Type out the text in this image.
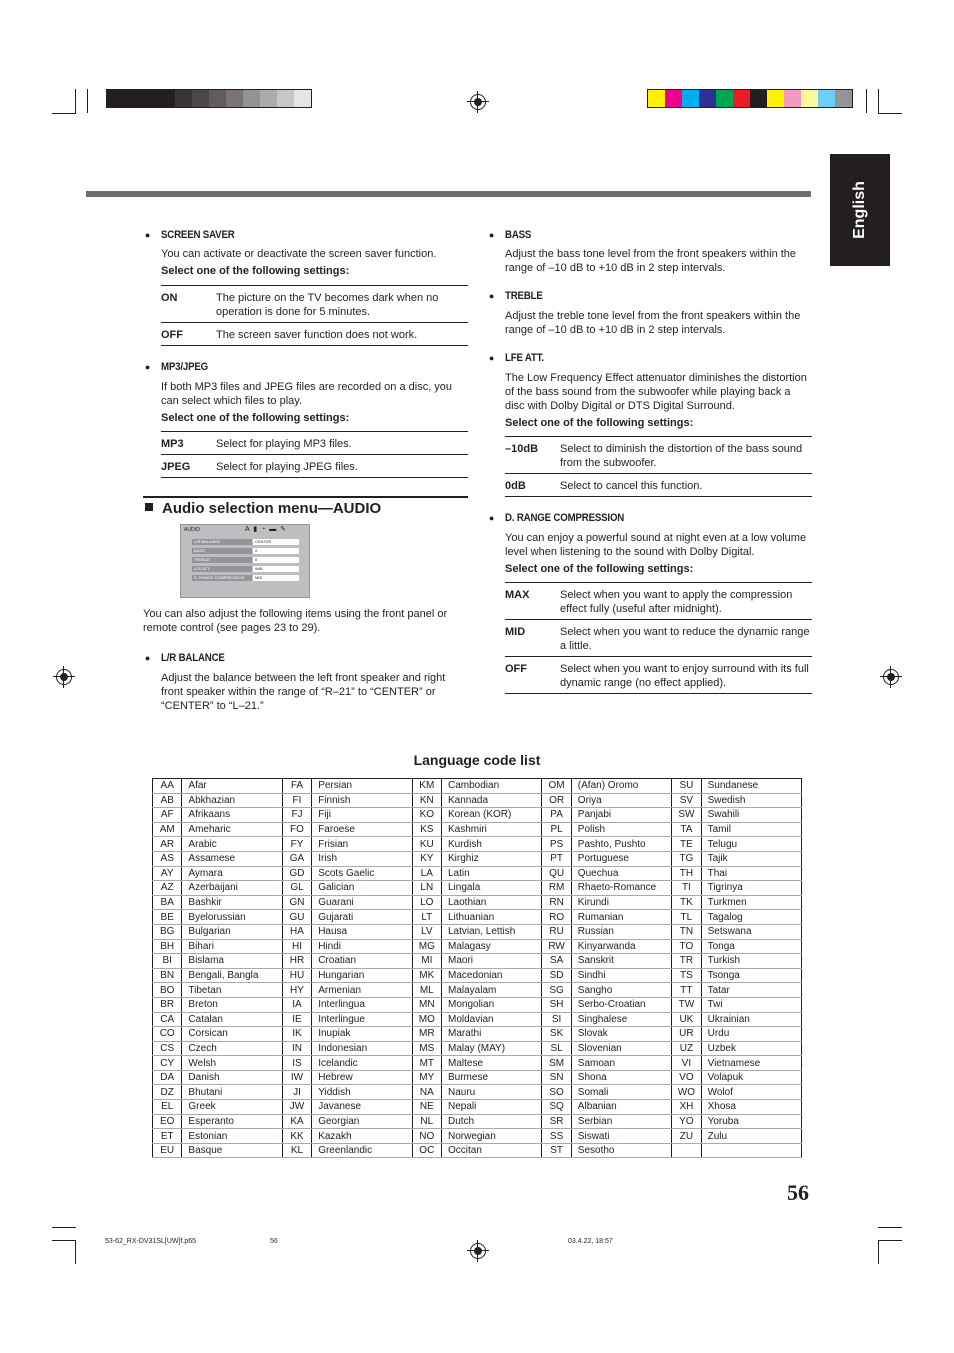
English
● SCREEN SAVER
You can activate or deactivate the screen saver function.
Select one of the following settings:
ON	The picture on the TV becomes dark when no operation is done for 5 minutes.
OFF	The screen saver function does not work.
● MP3/JPEG
If both MP3 files and JPEG files are recorded on a disc, you can select which files to play.
Select one of the following settings:
MP3	Select for playing MP3 files.
JPEG	Select for playing JPEG files.
Audio selection menu—AUDIO
AUDIO	A ▮ ◔ ▬ ✎
L/R BALANCE	CENTER
BASS	0
TREBLE	0
LFE ATT.	0dB
D. RANGE COMPRESSION	MID
You can also adjust the following items using the front panel or remote control (see pages 23 to 29).
● L/R BALANCE
Adjust the balance between the left front speaker and right front speaker within the range of “R–21” to “CENTER” or “CENTER” to “L–21.”
● BASS
Adjust the bass tone level from the front speakers within the range of –10 dB to +10 dB in 2 step intervals.
● TREBLE
Adjust the treble tone level from the front speakers within the range of –10 dB to +10 dB in 2 step intervals.
● LFE ATT.
The Low Frequency Effect attenuator diminishes the distortion of the bass sound from the subwoofer while playing back a disc with Dolby Digital or DTS Digital Surround.
Select one of the following settings:
–10dB	Select to diminish the distortion of the bass sound from the subwoofer.
0dB	Select to cancel this function.
● D. RANGE COMPRESSION
You can enjoy a powerful sound at night even at a low volume level when listening to the sound with Dolby Digital.
Select one of the following settings:
MAX	Select when you want to apply the compression effect fully (useful after midnight).
MID	Select when you want to reduce the dynamic range a little.
OFF	Select when you want to enjoy surround with its full dynamic range (no effect applied).
Language code list
AA	Afar	FA	Persian	KM	Cambodian	OM	(Afan) Oromo	SU	Sundanese
AB	Abkhazian	FI	Finnish	KN	Kannada	OR	Oriya	SV	Swedish
AF	Afrikaans	FJ	Fiji	KO	Korean (KOR)	PA	Panjabi	SW	Swahili
AM	Ameharic	FO	Faroese	KS	Kashmiri	PL	Polish	TA	Tamil
AR	Arabic	FY	Frisian	KU	Kurdish	PS	Pashto, Pushto	TE	Telugu
AS	Assamese	GA	Irish	KY	Kirghiz	PT	Portuguese	TG	Tajik
AY	Aymara	GD	Scots Gaelic	LA	Latin	QU	Quechua	TH	Thai
AZ	Azerbaijani	GL	Galician	LN	Lingala	RM	Rhaeto-Romance	TI	Tigrinya
BA	Bashkir	GN	Guarani	LO	Laothian	RN	Kirundi	TK	Turkmen
BE	Byelorussian	GU	Gujarati	LT	Lithuanian	RO	Rumanian	TL	Tagalog
BG	Bulgarian	HA	Hausa	LV	Latvian, Lettish	RU	Russian	TN	Setswana
BH	Bihari	HI	Hindi	MG	Malagasy	RW	Kinyarwanda	TO	Tonga
BI	Bislama	HR	Croatian	MI	Maori	SA	Sanskrit	TR	Turkish
BN	Bengali, Bangla	HU	Hungarian	MK	Macedonian	SD	Sindhi	TS	Tsonga
BO	Tibetan	HY	Armenian	ML	Malayalam	SG	Sangho	TT	Tatar
BR	Breton	IA	Interlingua	MN	Mongolian	SH	Serbo-Croatian	TW	Twi
CA	Catalan	IE	Interlingue	MO	Moldavian	SI	Singhalese	UK	Ukrainian
CO	Corsican	IK	Inupiak	MR	Marathi	SK	Slovak	UR	Urdu
CS	Czech	IN	Indonesian	MS	Malay (MAY)	SL	Slovenian	UZ	Uzbek
CY	Welsh	IS	Icelandic	MT	Maltese	SM	Samoan	VI	Vietnamese
DA	Danish	IW	Hebrew	MY	Burmese	SN	Shona	VO	Volapuk
DZ	Bhutani	JI	Yiddish	NA	Nauru	SO	Somali	WO	Wolof
EL	Greek	JW	Javanese	NE	Nepali	SQ	Albanian	XH	Xhosa
EO	Esperanto	KA	Georgian	NL	Dutch	SR	Serbian	YO	Yoruba
ET	Estonian	KK	Kazakh	NO	Norwegian	SS	Siswati	ZU	Zulu
EU	Basque	KL	Greenlandic	OC	Occitan	ST	Sesotho		
56
53-62_RX-DV31SL[UW]f.p65	56	03.4.22, 18:57
